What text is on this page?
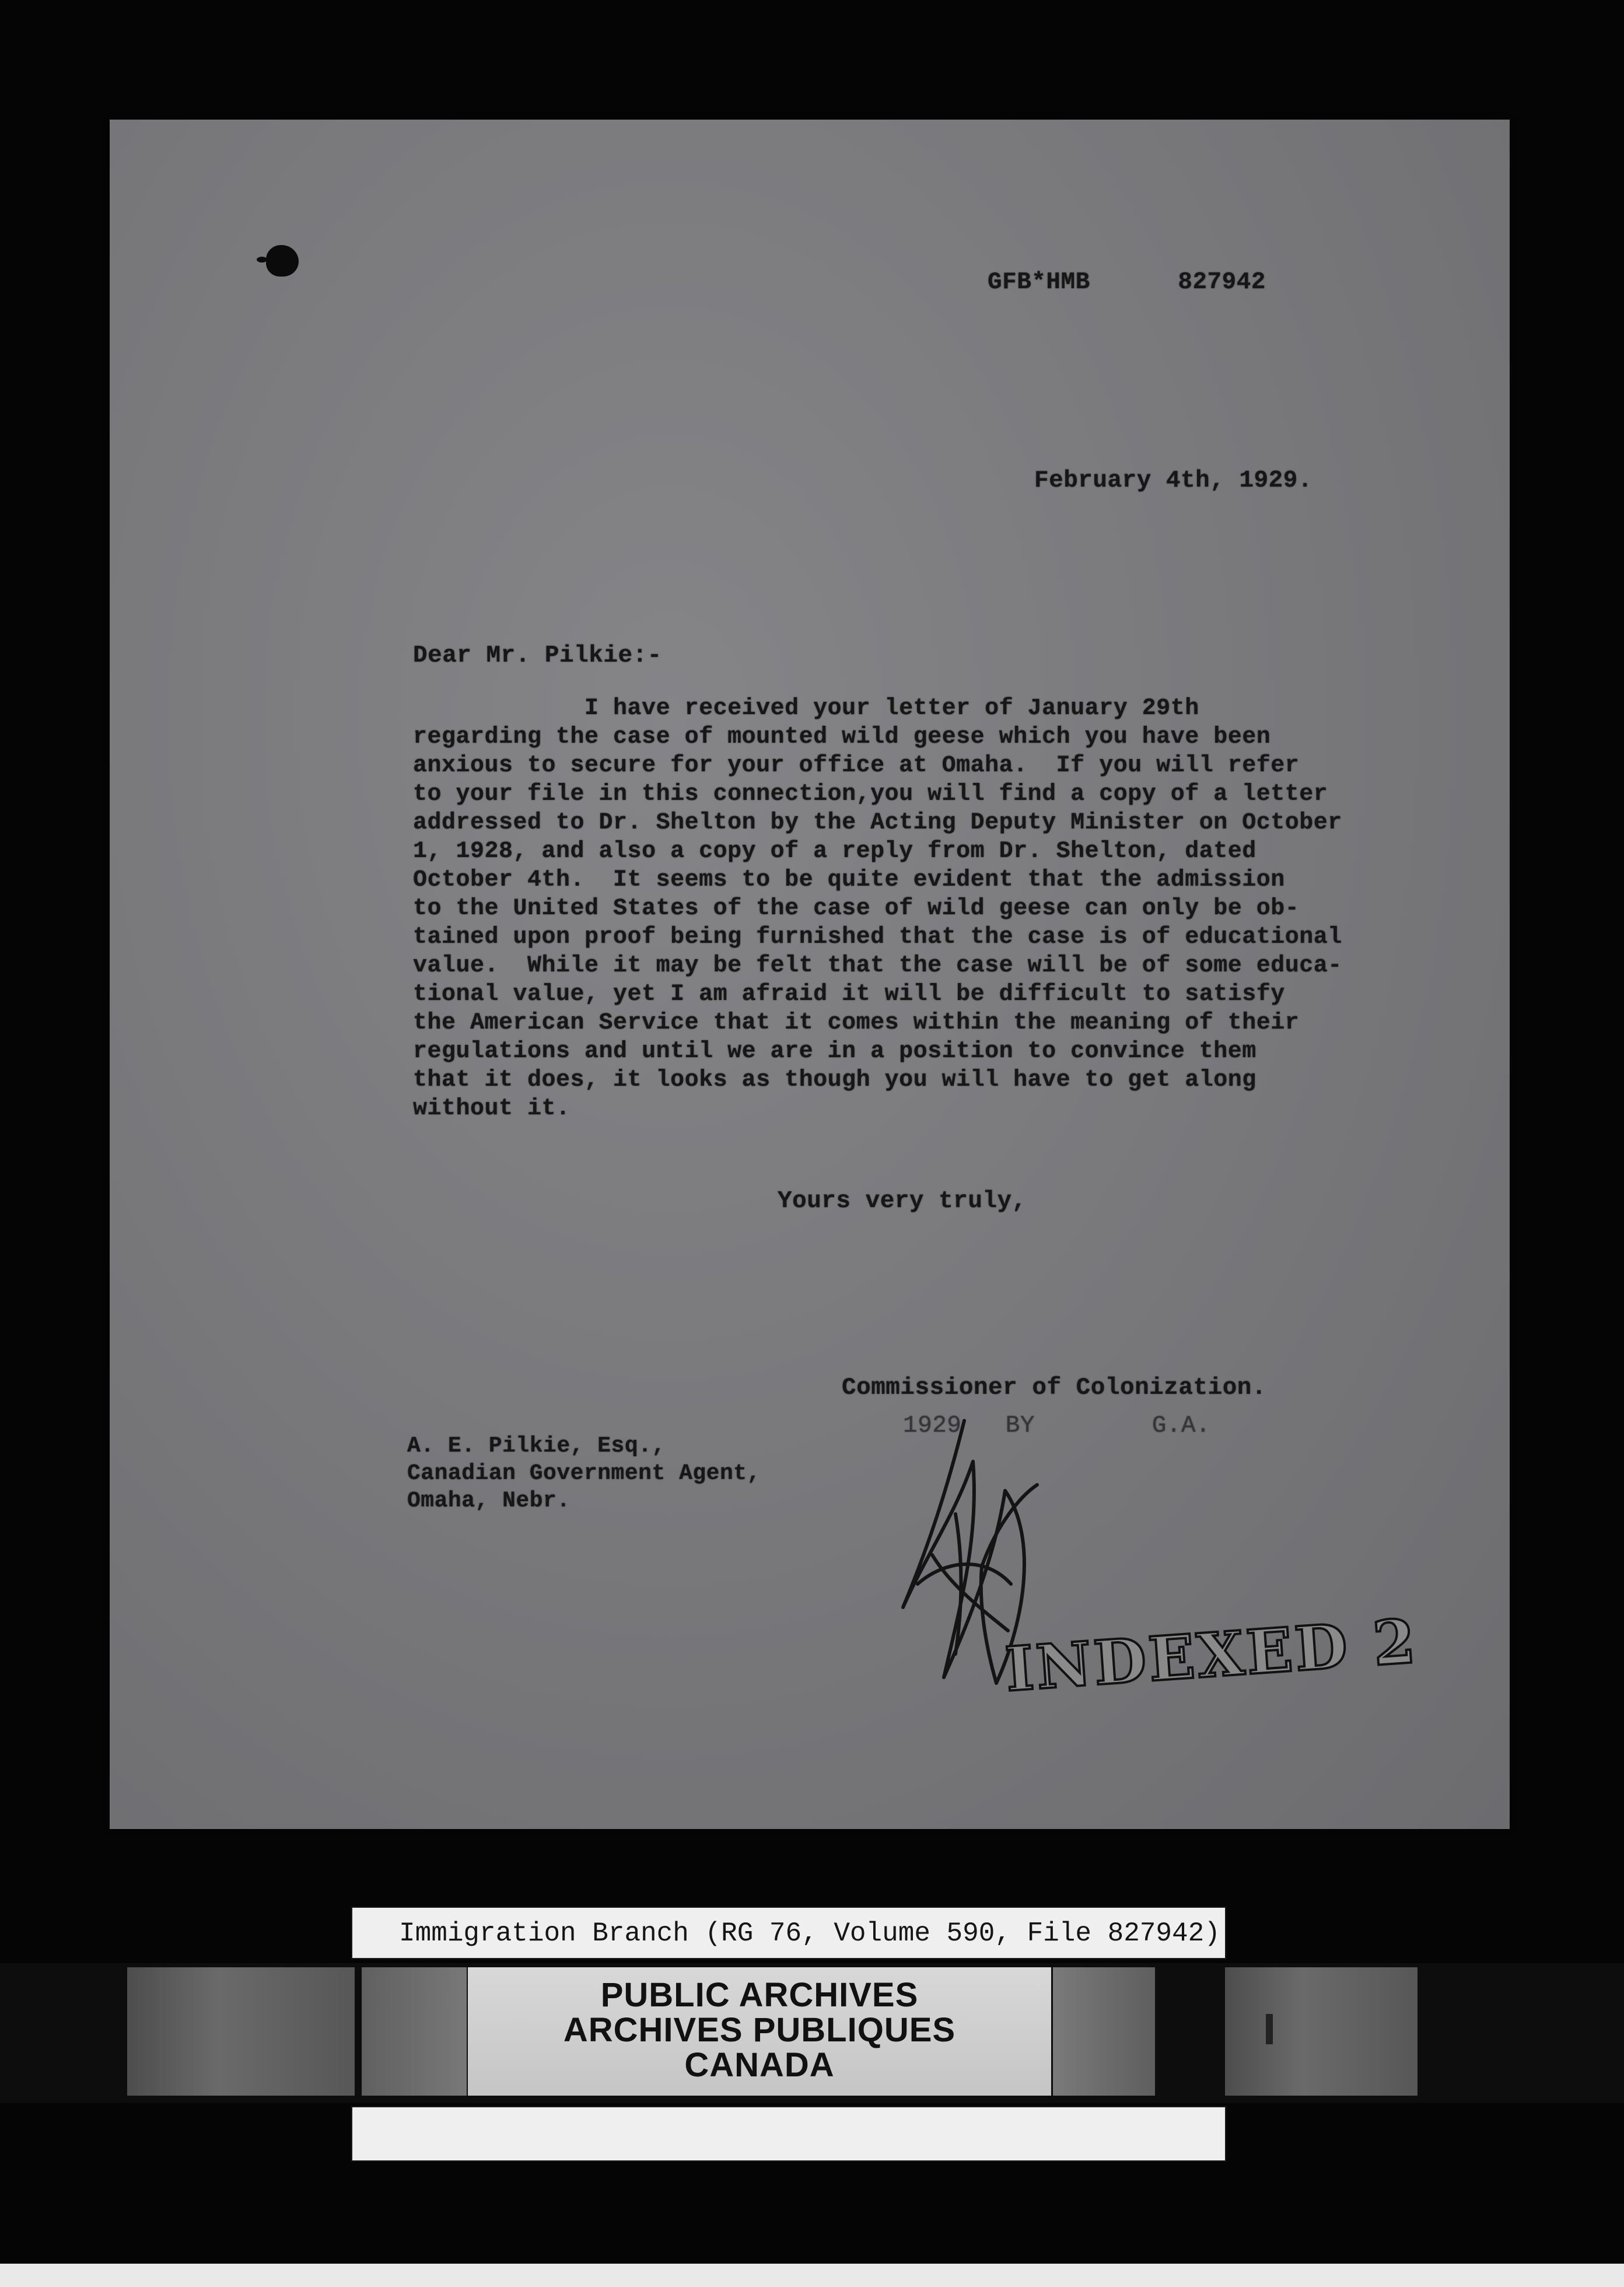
GFB*HMB      827942
February 4th, 1929.
Dear Mr. Pilkie:-
I have received your letter of January 29th
regarding the case of mounted wild geese which you have been
anxious to secure for your office at Omaha.  If you will refer
to your file in this connection,you will find a copy of a letter
addressed to Dr. Shelton by the Acting Deputy Minister on October
1, 1928, and also a copy of a reply from Dr. Shelton, dated
October 4th.  It seems to be quite evident that the admission
to the United States of the case of wild geese can only be ob-
tained upon proof being furnished that the case is of educational
value.  While it may be felt that the case will be of some educa-
tional value, yet I am afraid it will be difficult to satisfy
the American Service that it comes within the meaning of their
regulations and until we are in a position to convince them
that it does, it looks as though you will have to get along
without it.
Yours very truly,
Commissioner of Colonization.
1929   BY        G.A.
A. E. Pilkie, Esq.,
Canadian Government Agent,
Omaha, Nebr.
INDEXED 2
Immigration Branch (RG 76, Volume 590, File 827942)
PUBLIC ARCHIVES
ARCHIVES PUBLIQUES
CANADA
